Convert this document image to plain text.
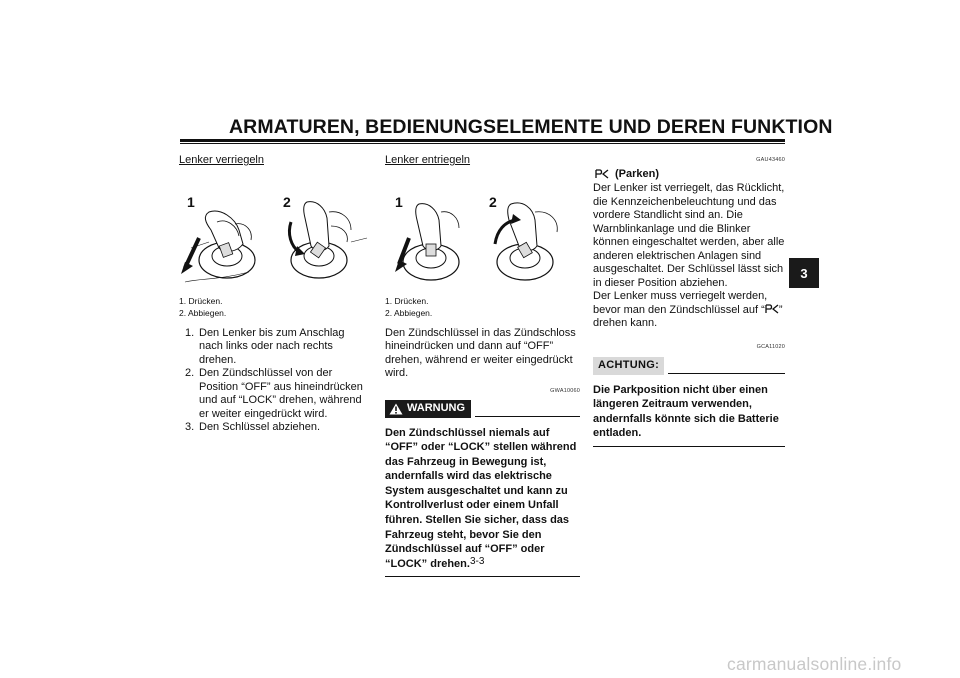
ARMATUREN, BEDIENUNGSELEMENTE UND DEREN FUNKTION
3
Lenker verriegeln
1	2
1. Drücken.
2. Abbiegen.
1. Den Lenker bis zum Anschlag nach links oder nach rechts drehen.
2. Den Zündschlüssel von der Position “OFF” aus hineindrücken und auf “LOCK” drehen, während er weiter eingedrückt wird.
3. Den Schlüssel abziehen.
Lenker entriegeln
1	2
1. Drücken.
2. Abbiegen.
Den Zündschlüssel in das Zündschloss hineindrücken und dann auf “OFF” drehen, während er weiter eingedrückt wird.
GWA10060
WARNUNG
Den Zündschlüssel niemals auf “OFF” oder “LOCK” stellen während das Fahrzeug in Bewegung ist, andernfalls wird das elektrische System ausgeschaltet und kann zu Kontrollverlust oder einem Unfall führen. Stellen Sie sicher, dass das Fahrzeug steht, bevor Sie den Zündschlüssel auf “OFF” oder “LOCK” drehen.
GAU43460
(Parken)
Der Lenker ist verriegelt, das Rücklicht, die Kennzeichenbeleuchtung und das vordere Standlicht sind an. Die Warnblinkanlage und die Blinker können eingeschaltet werden, aber alle anderen elektrischen Anlagen sind ausgeschaltet. Der Schlüssel lässt sich in dieser Position abziehen.
Der Lenker muss verriegelt werden, bevor man den Zündschlüssel auf “ ” drehen kann.
GCA11020
ACHTUNG:
Die Parkposition nicht über einen längeren Zeitraum verwenden, andernfalls könnte sich die Batterie entladen.
3-3
carmanualsonline.info
